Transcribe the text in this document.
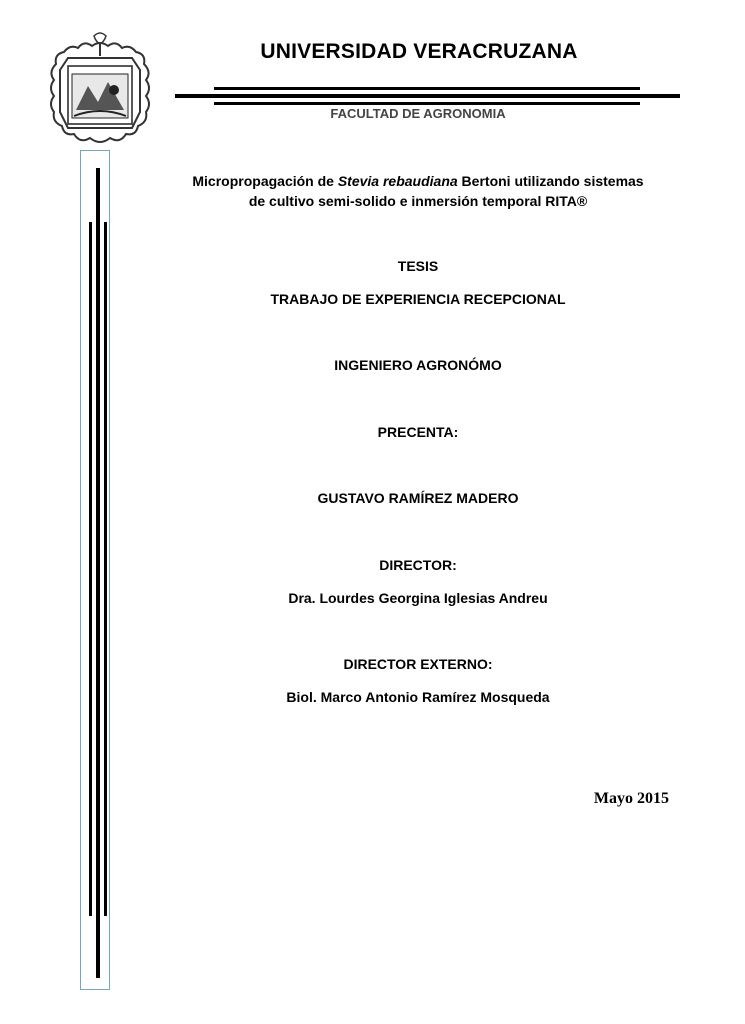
UNIVERSIDAD VERACRUZANA
FACULTAD DE AGRONOMIA
Micropropagación de Stevia rebaudiana Bertoni utilizando sistemas
de cultivo semi-solido e inmersión temporal RITA®
TESIS
TRABAJO DE EXPERIENCIA RECEPCIONAL
INGENIERO AGRONÓMO
PRECENTA:
GUSTAVO RAMÍREZ MADERO
DIRECTOR:
Dra. Lourdes Georgina Iglesias Andreu
DIRECTOR EXTERNO:
Biol. Marco Antonio Ramírez Mosqueda
Mayo 2015
